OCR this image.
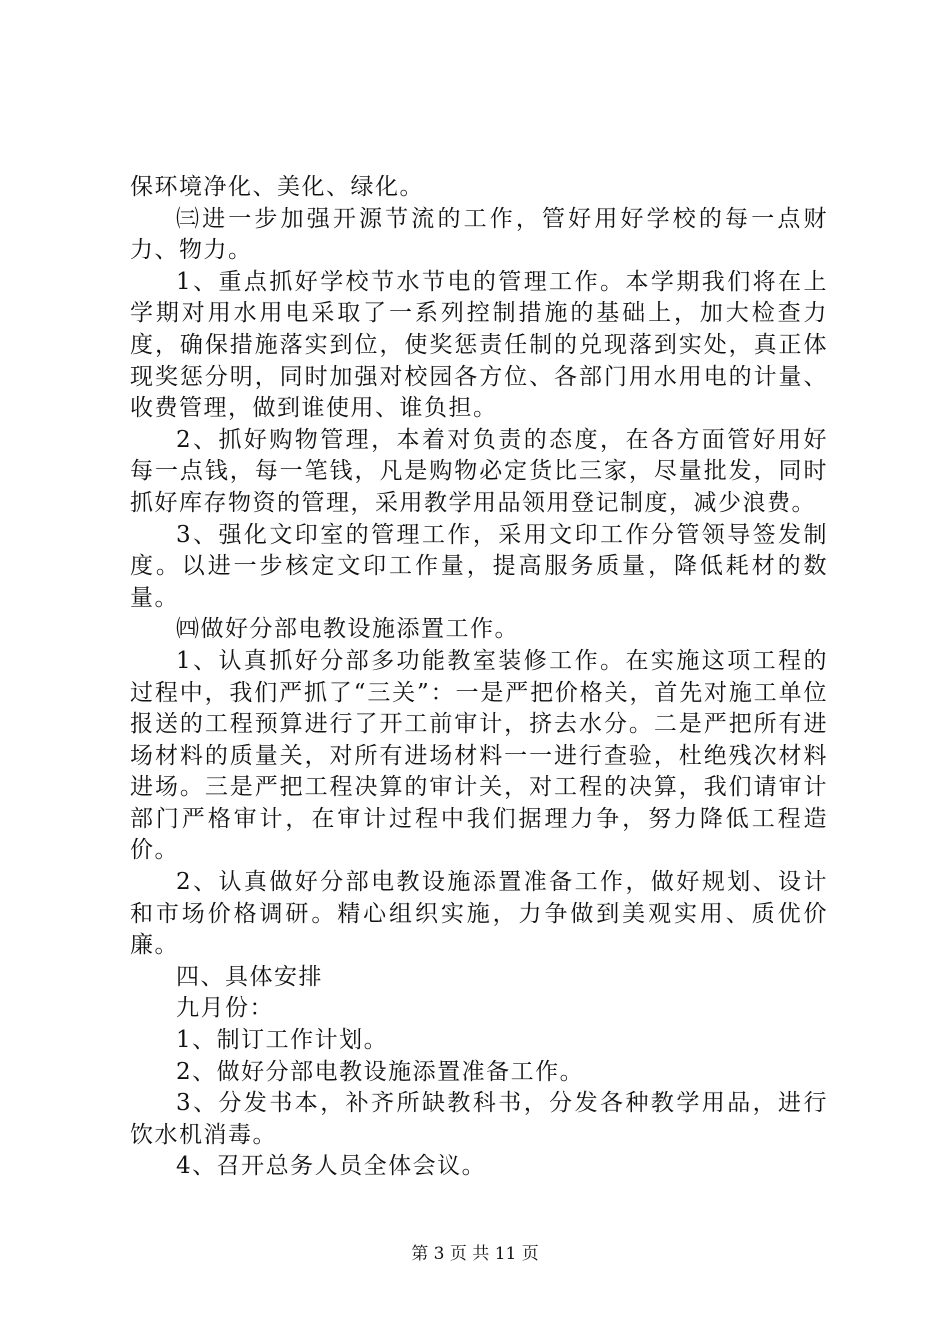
保环境净化、美化、绿化。

㈢进一步加强开源节流的工作，管好用好学校的每一点财力、物力。

1、重点抓好学校节水节电的管理工作。本学期我们将在上学期对用水用电采取了一系列控制措施的基础上，加大检查力度，确保措施落实到位，使奖惩责任制的兑现落到实处，真正体现奖惩分明，同时加强对校园各方位、各部门用水用电的计量、收费管理，做到谁使用、谁负担。

2、抓好购物管理，本着对负责的态度，在各方面管好用好每一点钱，每一笔钱，凡是购物必定货比三家，尽量批发，同时抓好库存物资的管理，采用教学用品领用登记制度，减少浪费。

3、强化文印室的管理工作，采用文印工作分管领导签发制度。以进一步核定文印工作量，提高服务质量，降低耗材的数量。

㈣做好分部电教设施添置工作。

1、认真抓好分部多功能教室装修工作。在实施这项工程的过程中，我们严抓了“三关”：一是严把价格关，首先对施工单位报送的工程预算进行了开工前审计，挤去水分。二是严把所有进场材料的质量关，对所有进场材料一一进行查验，杜绝残次材料进场。三是严把工程决算的审计关，对工程的决算，我们请审计部门严格审计，在审计过程中我们据理力争，努力降低工程造价。

2、认真做好分部电教设施添置准备工作，做好规划、设计和市场价格调研。精心组织实施，力争做到美观实用、质优价廉。

四、具体安排

九月份：

1、制订工作计划。

2、做好分部电教设施添置准备工作。

3、分发书本，补齐所缺教科书，分发各种教学用品，进行饮水机消毒。

4、召开总务人员全体会议。

第 3 页 共 11 页
